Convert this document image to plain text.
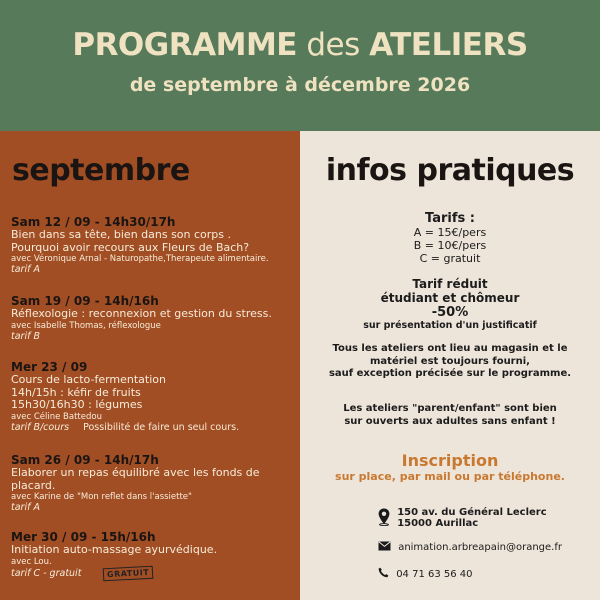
PROGRAMME des ATELIERS
de septembre à décembre 2026
septembre
Sam 12 / 09 - 14h30/17h
Bien dans sa tête, bien dans son corps .
Pourquoi avoir recours aux Fleurs de Bach?
avec Véronique Arnal - Naturopathe,Therapeute alimentaire.
tarif A
Sam 19 / 09 - 14h/16h
Réflexologie : reconnexion et gestion du stress.
avec Isabelle Thomas, réflexologue
tarif B
Mer 23 / 09
Cours de lacto-fermentation
14h/15h : kéfir de fruits
15h30/16h30 : légumes
avec Céline Battedou
tarif B/cours Possibilité de faire un seul cours.
Sam 26 / 09 - 14h/17h
Elaborer un repas équilibré avec les fonds de
placard.
avec Karine de "Mon reflet dans l'assiette"
tarif A
Mer 30 / 09 - 15h/16h
Initiation auto-massage ayurvédique.
avec Lou.
tarif C - gratuit	GRATUIT
infos pratiques
Tarifs :
A = 15€/pers
B = 10€/pers
C = gratuit
Tarif réduit
étudiant et chômeur
-50%
sur présentation d'un justificatif
Tous les ateliers ont lieu au magasin et le
matériel est toujours fourni,
sauf exception précisée sur le programme.
Les ateliers "parent/enfant" sont bien
sur ouverts aux adultes sans enfant !
Inscription
sur place, par mail ou par téléphone.

150 av. du Général Leclerc
15000 Aurillac
animation.arbreapain@orange.fr
04 71 63 56 40
